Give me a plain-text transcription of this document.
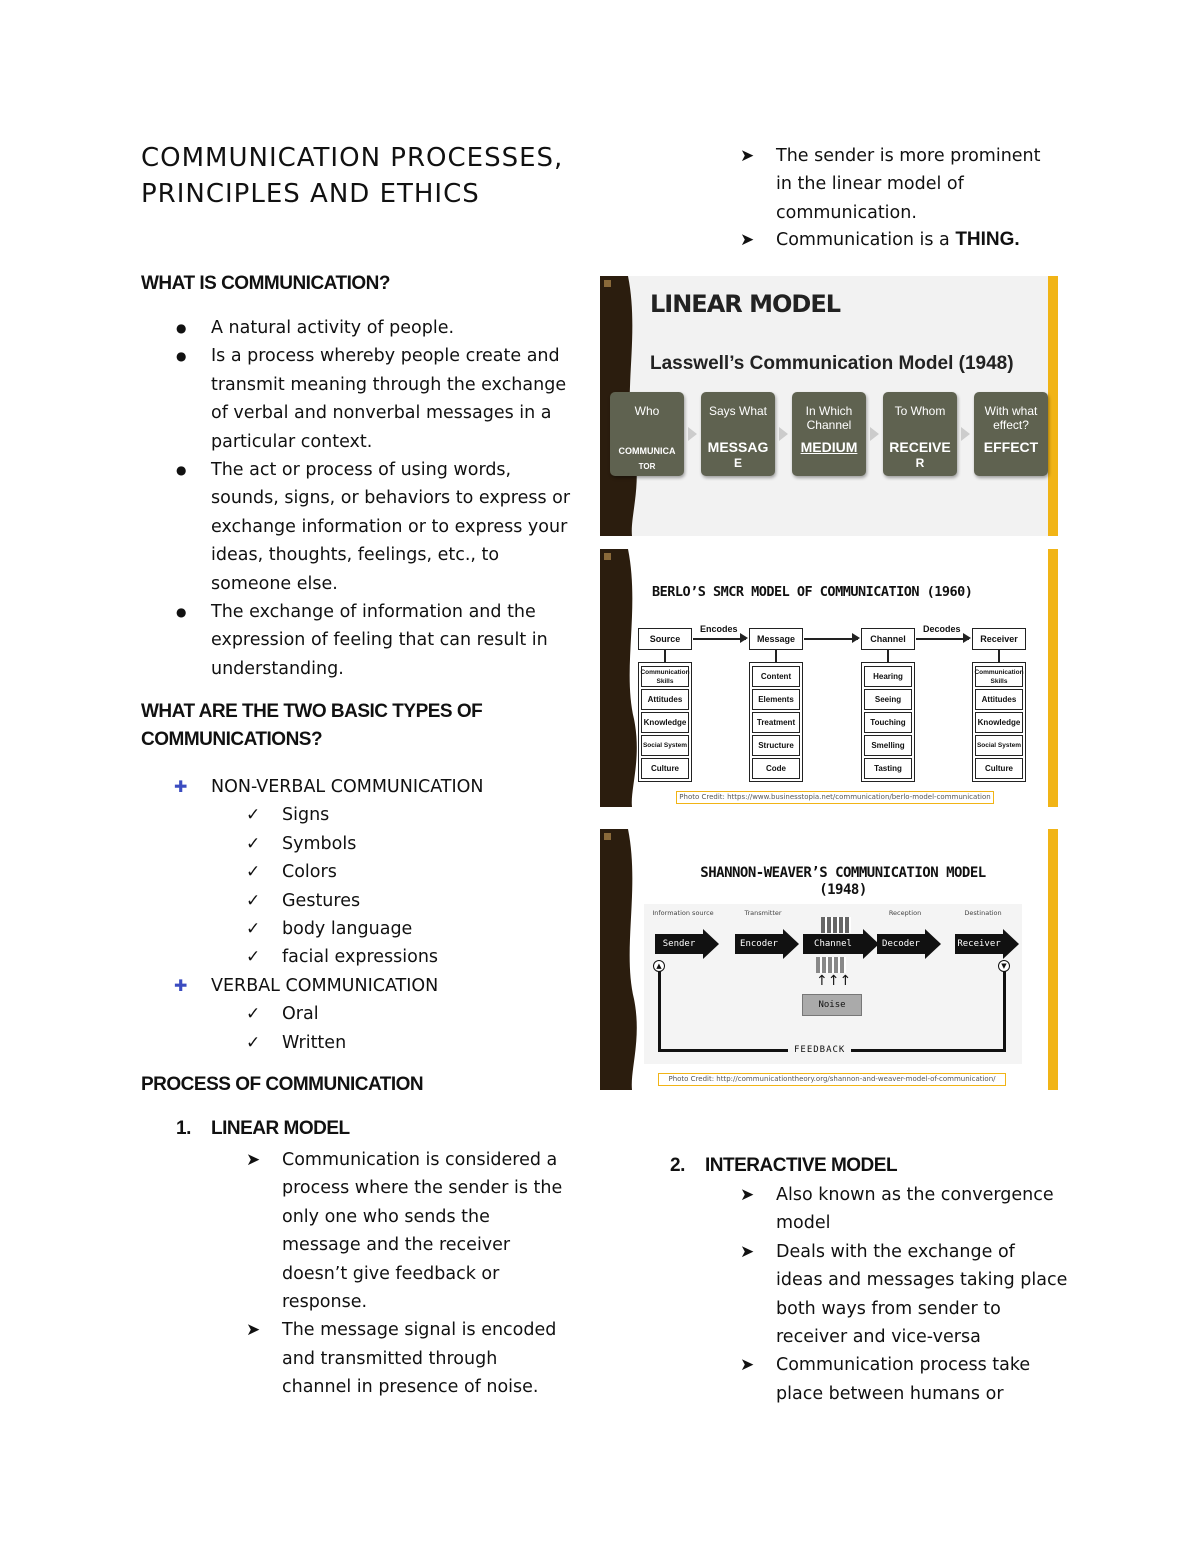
COMMUNICATION PROCESSES,
PRINCIPLES AND ETHICS
WHAT IS COMMUNICATION?
● A natural activity of people.
● Is a process whereby people create and
transmit meaning through the exchange
of verbal and nonverbal messages in a
particular context.
● The act or process of using words,
sounds, signs, or behaviors to express or
exchange information or to express your
ideas, thoughts, feelings, etc., to
someone else.
● The exchange of information and the
expression of feeling that can result in
understanding.
WHAT ARE THE TWO BASIC TYPES OF
COMMUNICATIONS?
✚ NON-VERBAL COMMUNICATION
✓ Signs
✓ Symbols
✓ Colors
✓ Gestures
✓ body language
✓ facial expressions
✚ VERBAL COMMUNICATION
✓ Oral
✓ Written
PROCESS OF COMMUNICATION
1. LINEAR MODEL
➤ Communication is considered a
process where the sender is the
only one who sends the
message and the receiver
doesn’t give feedback or
response.
➤ The message signal is encoded
and transmitted through
channel in presence of noise.
➤ The sender is more prominent
in the linear model of
communication.
➤ Communication is a THING.
LINEAR MODEL
Lasswell’s Communication Model (1948)
Who
COMMUNICA
TOR
Says What
MESSAG
E
In Which Channel
MEDIUM

To Whom
RECEIVE
R
With what effect?
EFFECT

BERLO’S SMCR MODEL OF COMMUNICATION (1960)
Photo Credit: https://www.businesstopia.net/communication/berlo-model-communication
Source	Message	Channel	Receiver
Encodes	Decodes
Communication Skills
Attitudes
Knowledge
Social System
Culture
Content
Elements
Treatment
Structure
Code
Hearing
Seeing
Touching
Smelling
Tasting
Communication Skills
Attitudes
Knowledge
Social System
Culture
SHANNON-WEAVER’S COMMUNICATION MODEL
(1948)
Photo Credit: http://communicationtheory.org/shannon-and-weaver-model-of-communication/
Information source
Sender
Transmitter
Encoder	Channel
Reception
Decoder
Destination
Receiver
↑↑↑
Noise
▲	▼
FEEDBACK
2. INTERACTIVE MODEL
➤ Also known as the convergence
model
➤ Deals with the exchange of
ideas and messages taking place
both ways from sender to
receiver and vice-versa
➤ Communication process take
place between humans or
